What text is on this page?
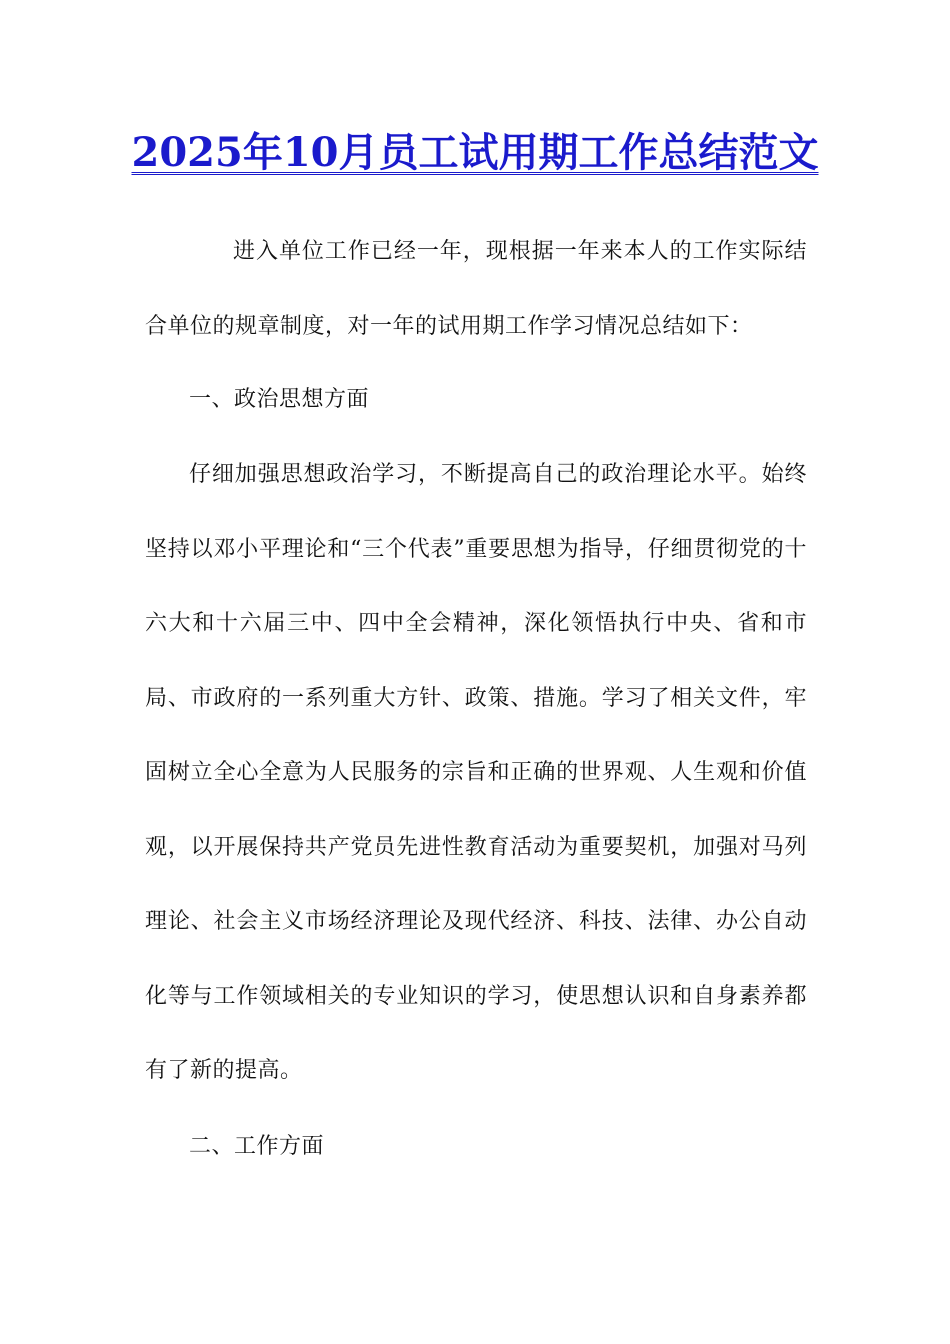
2025年10月员工试用期工作总结范文

进入单位工作已经一年，现根据一年来本人的工作实际结合单位的规章制度，对一年的试用期工作学习情况总结如下：

一、政治思想方面

仔细加强思想政治学习，不断提高自己的政治理论水平。始终坚持以邓小平理论和“三个代表”重要思想为指导，仔细贯彻党的十六大和十六届三中、四中全会精神，深化领悟执行中央、省和市局、市政府的一系列重大方针、政策、措施。学习了相关文件，牢固树立全心全意为人民服务的宗旨和正确的世界观、人生观和价值观，以开展保持共产党员先进性教育活动为重要契机，加强对马列理论、社会主义市场经济理论及现代经济、科技、法律、办公自动化等与工作领域相关的专业知识的学习，使思想认识和自身素养都有了新的提高。

二、工作方面
